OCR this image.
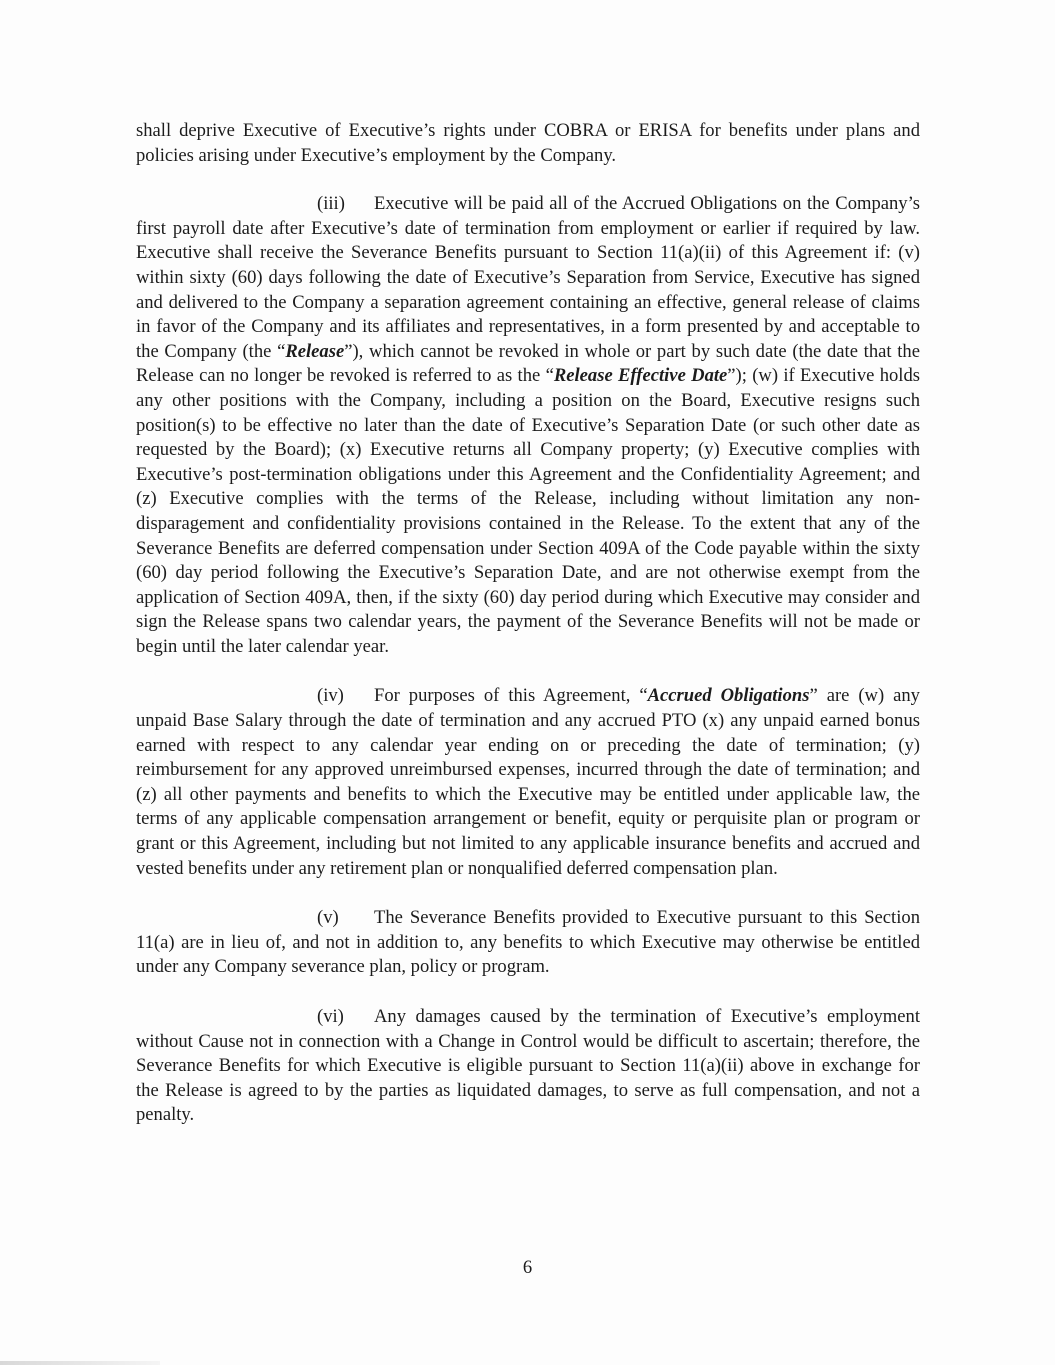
shall deprive Executive of Executive’s rights under COBRA or ERISA for benefits under plans and policies arising under Executive’s employment by the Company.

(iii) Executive will be paid all of the Accrued Obligations on the Company’s first payroll date after Executive’s date of termination from employment or earlier if required by law. Executive shall receive the Severance Benefits pursuant to Section 11(a)(ii) of this Agreement if: (v) within sixty (60) days following the date of Executive’s Separation from Service, Executive has signed and delivered to the Company a separation agreement containing an effective, general release of claims in favor of the Company and its affiliates and representatives, in a form presented by and acceptable to the Company (the “Release”), which cannot be revoked in whole or part by such date (the date that the Release can no longer be revoked is referred to as the “Release Effective Date”); (w) if Executive holds any other positions with the Company, including a position on the Board, Executive resigns such position(s) to be effective no later than the date of Executive’s Separation Date (or such other date as requested by the Board); (x) Executive returns all Company property; (y) Executive complies with Executive’s post-termination obligations under this Agreement and the Confidentiality Agreement; and (z) Executive complies with the terms of the Release, including without limitation any non-disparagement and confidentiality provisions contained in the Release. To the extent that any of the Severance Benefits are deferred compensation under Section 409A of the Code payable within the sixty (60) day period following the Executive’s Separation Date, and are not otherwise exempt from the application of Section 409A, then, if the sixty (60) day period during which Executive may consider and sign the Release spans two calendar years, the payment of the Severance Benefits will not be made or begin until the later calendar year.

(iv) For purposes of this Agreement, “Accrued Obligations” are (w) any unpaid Base Salary through the date of termination and any accrued PTO (x) any unpaid earned bonus earned with respect to any calendar year ending on or preceding the date of termination; (y) reimbursement for any approved unreimbursed expenses, incurred through the date of termination; and (z) all other payments and benefits to which the Executive may be entitled under applicable law, the terms of any applicable compensation arrangement or benefit, equity or perquisite plan or program or grant or this Agreement, including but not limited to any applicable insurance benefits and accrued and vested benefits under any retirement plan or nonqualified deferred compensation plan.

(v) The Severance Benefits provided to Executive pursuant to this Section 11(a) are in lieu of, and not in addition to, any benefits to which Executive may otherwise be entitled under any Company severance plan, policy or program.

(vi) Any damages caused by the termination of Executive’s employment without Cause not in connection with a Change in Control would be difficult to ascertain; therefore, the Severance Benefits for which Executive is eligible pursuant to Section 11(a)(ii) above in exchange for the Release is agreed to by the parties as liquidated damages, to serve as full compensation, and not a penalty.

6
